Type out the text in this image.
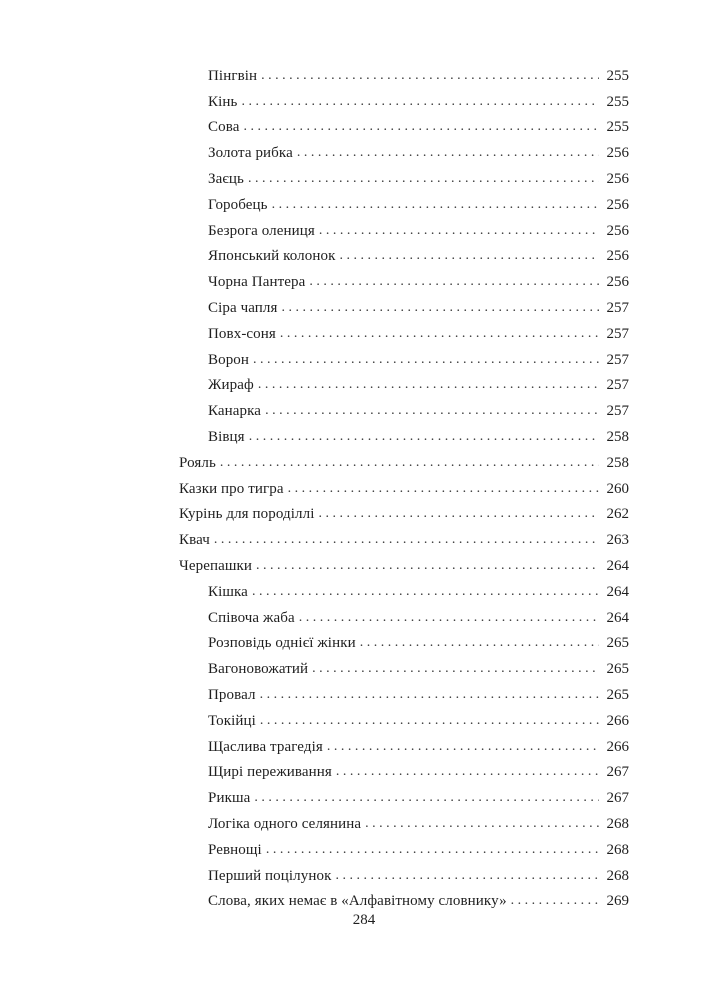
Пінгвін . . .	255
Кінь . . .	255
Сова . . .	255
Золота рибка . . .	256
Заєць . . .	256
Горобець . . .	256
Безрога олениця . . .	256
Японський колонок . . .	256
Чорна Пантера . . .	256
Сіра чапля . . .	257
Повх-соня . . .	257
Ворон . . .	257
Жираф . . .	257
Канарка . . .	257
Вівця . . .	258
Рояль . . .	258
Казки про тигра . . .	260
Курінь для породіллі . . .	262
Квач . . .	263
Черепашки . . .	264
Кішка . . .	264
Співоча жаба . . .	264
Розповідь однієї жінки . . .	265
Вагоновожатий . . .	265
Провал . . .	265
Токійці . . .	266
Щаслива трагедія . . .	266
Щирі переживання . . .	267
Рикша . . .	267
Логіка одного селянина . . .	268
Ревнощі . . .	268
Перший поцілунок . . .	268
Слова, яких немає в «Алфавітному словнику» . . .	269
284
